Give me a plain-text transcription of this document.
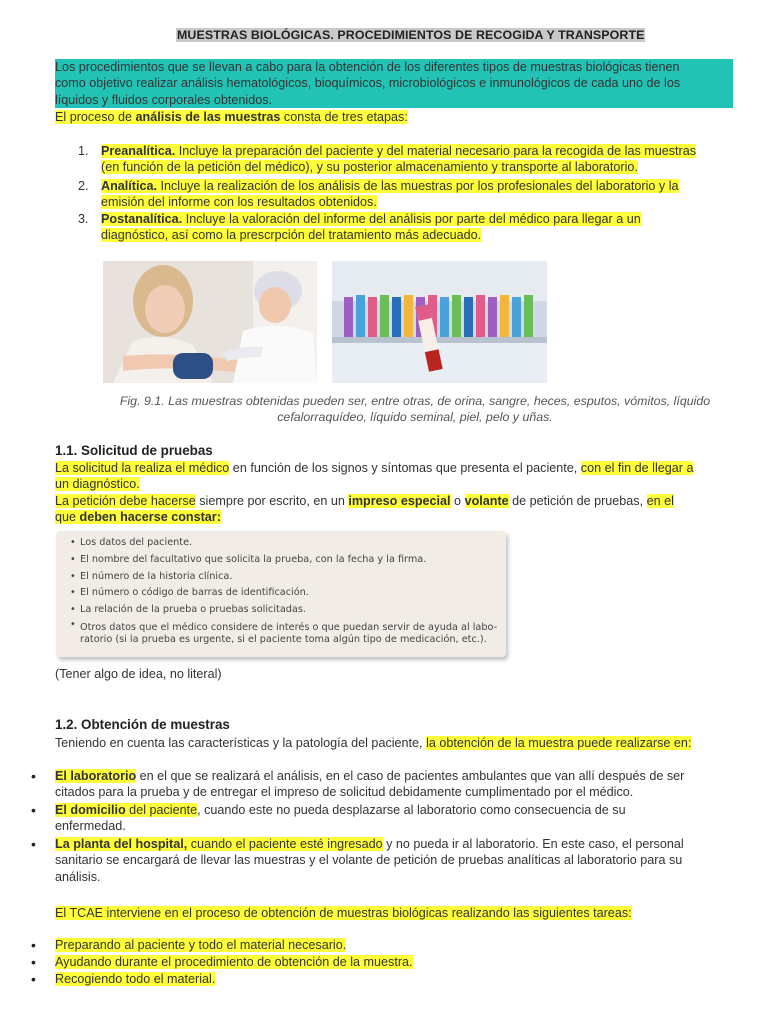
MUESTRAS BIOLÓGICAS. PROCEDIMIENTOS DE RECOGIDA Y TRANSPORTE
Los procedimientos que se llevan a cabo para la obtención de los diferentes tipos de muestras biológicas tienen
como objetivo realizar análisis hematológicos, bioquímicos, microbiológicos e inmunológicos de cada uno de los
líquidos y fluidos corporales obtenidos.
El proceso de análisis de las muestras consta de tres etapas:
1. Preanalítica. Incluye la preparación del paciente y del material necesario para la recogida de las muestras
(en función de la petición del médico), y su posterior almacenamiento y transporte al laboratorio.
2. Analítica. Incluye la realización de los análisis de las muestras por los profesionales del laboratorio y la
emisión del informe con los resultados obtenidos.
3. Postanalítica. Incluye la valoración del informe del análisis por parte del médico para llegar a un
diagnóstico, así como la prescrpción del tratamiento más adecuado.
Fig. 9.1. Las muestras obtenidas pueden ser, entre otras, de orina, sangre, heces, esputos, vómitos, líquido
cefalorraquídeo, líquido seminal, piel, pelo y uñas.
1.1. Solicitud de pruebas
La solicitud la realiza el médico en función de los signos y síntomas que presenta el paciente, con el fin de llegar a
un diagnóstico.
La petición debe hacerse siempre por escrito, en un impreso especial o volante de petición de pruebas, en el
que deben hacerse constar:
• Los datos del paciente.
• El nombre del facultativo que solicita la prueba, con la fecha y la firma.
• El número de la historia clínica.
• El número o código de barras de identificación.
• La relación de la prueba o pruebas solicitadas.
• Otros datos que el médico considere de interés o que puedan servir de ayuda al labo-
ratorio (si la prueba es urgente, si el paciente toma algún tipo de medicación, etc.).
(Tener algo de idea, no literal)
1.2. Obtención de muestras
Teniendo en cuenta las características y la patología del paciente, la obtención de la muestra puede realizarse en:
• El laboratorio en el que se realizará el análisis, en el caso de pacientes ambulantes que van allí después de ser
citados para la prueba y de entregar el impreso de solicitud debidamente cumplimentado por el médico.
• El domicilio del paciente, cuando este no pueda desplazarse al laboratorio como consecuencia de su
enfermedad.
• La planta del hospital, cuando el paciente esté ingresado y no pueda ir al laboratorio. En este caso, el personal
sanitario se encargará de llevar las muestras y el volante de petición de pruebas analíticas al laboratorio para su
análisis.
El TCAE interviene en el proceso de obtención de muestras biológicas realizando las siguientes tareas:
• Preparando al paciente y todo el material necesario.
• Ayudando durante el procedimiento de obtención de la muestra.
• Recogiendo todo el material.
